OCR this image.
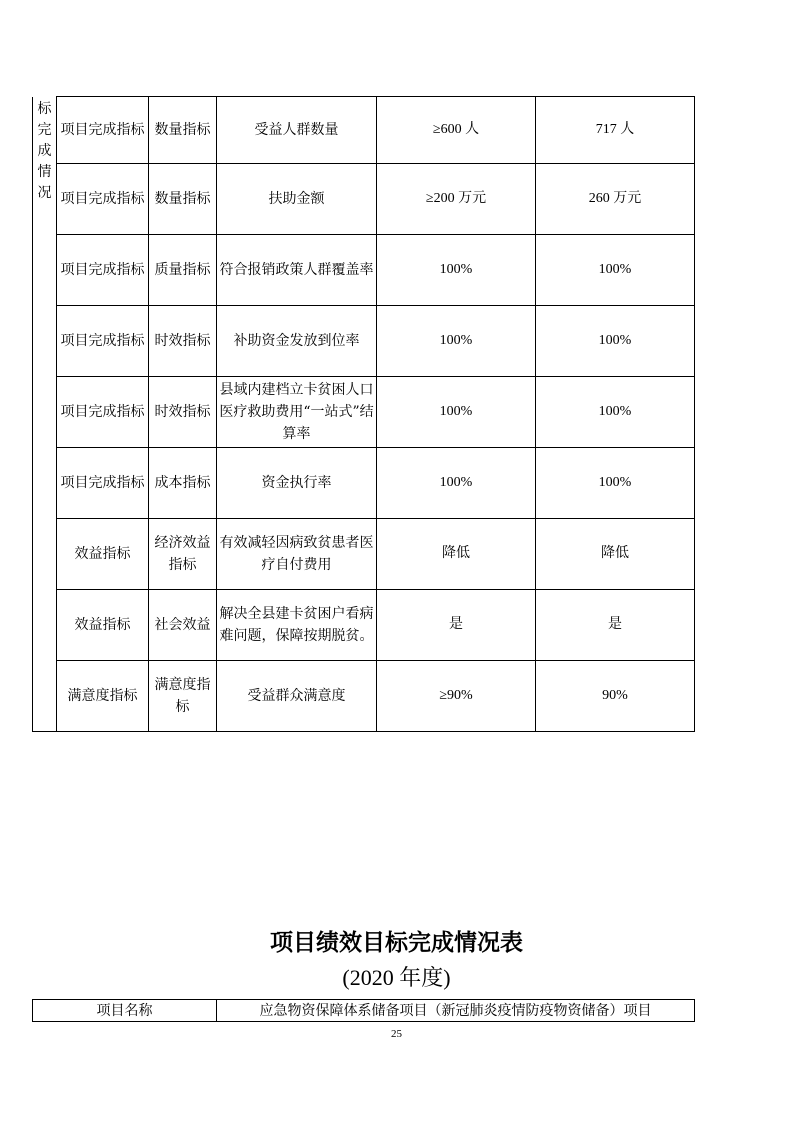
标完成情况	项目完成指标	数量指标	受益人群数量	≥600 人	717 人
	项目完成指标	数量指标	扶助金额	≥200 万元	260 万元
	项目完成指标	质量指标	符合报销政策人群覆盖率	100%	100%
	项目完成指标	时效指标	补助资金发放到位率	100%	100%
	项目完成指标	时效指标	县域内建档立卡贫困人口医疗救助费用“一站式”结算率	100%	100%
	项目完成指标	成本指标	资金执行率	100%	100%
	效益指标	经济效益指标	有效减轻因病致贫患者医疗自付费用	降低	降低
	效益指标	社会效益	解决全县建卡贫困户看病难问题，保障按期脱贫。	是	是
	满意度指标	满意度指标	受益群众满意度	≥90%	90%
项目绩效目标完成情况表
(2020 年度)
项目名称	应急物资保障体系储备项目（新冠肺炎疫情防疫物资储备）项目
25
